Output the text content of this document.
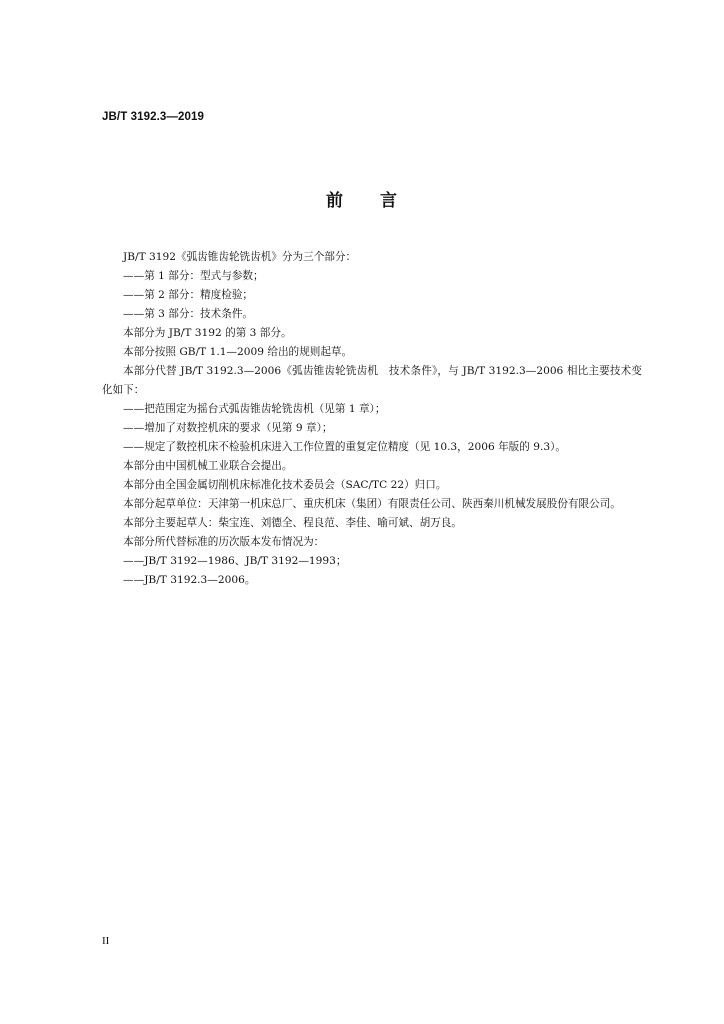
JB/T 3192.3—2019
前 言

JB/T 3192《弧齿锥齿轮铣齿机》分为三个部分：

——第 1 部分：型式与参数；

——第 2 部分：精度检验；

——第 3 部分：技术条件。

本部分为 JB/T 3192 的第 3 部分。

本部分按照 GB/T 1.1—2009 给出的规则起草。

本部分代替 JB/T 3192.3—2006《弧齿锥齿轮铣齿机　技术条件》，与 JB/T 3192.3—2006 相比主要技术变化如下：

——把范围定为摇台式弧齿锥齿轮铣齿机（见第 1 章）；

——增加了对数控机床的要求（见第 9 章）；

——规定了数控机床不检验机床进入工作位置的重复定位精度（见 10.3，2006 年版的 9.3）。

本部分由中国机械工业联合会提出。

本部分由全国金属切削机床标准化技术委员会（SAC/TC 22）归口。

本部分起草单位：天津第一机床总厂、重庆机床（集团）有限责任公司、陕西秦川机械发展股份有限公司。

本部分主要起草人：柴宝连、刘德全、程良范、李佳、喻可斌、胡万良。

本部分所代替标准的历次版本发布情况为：

——JB/T 3192—1986、JB/T 3192—1993；

——JB/T 3192.3—2006。

II
